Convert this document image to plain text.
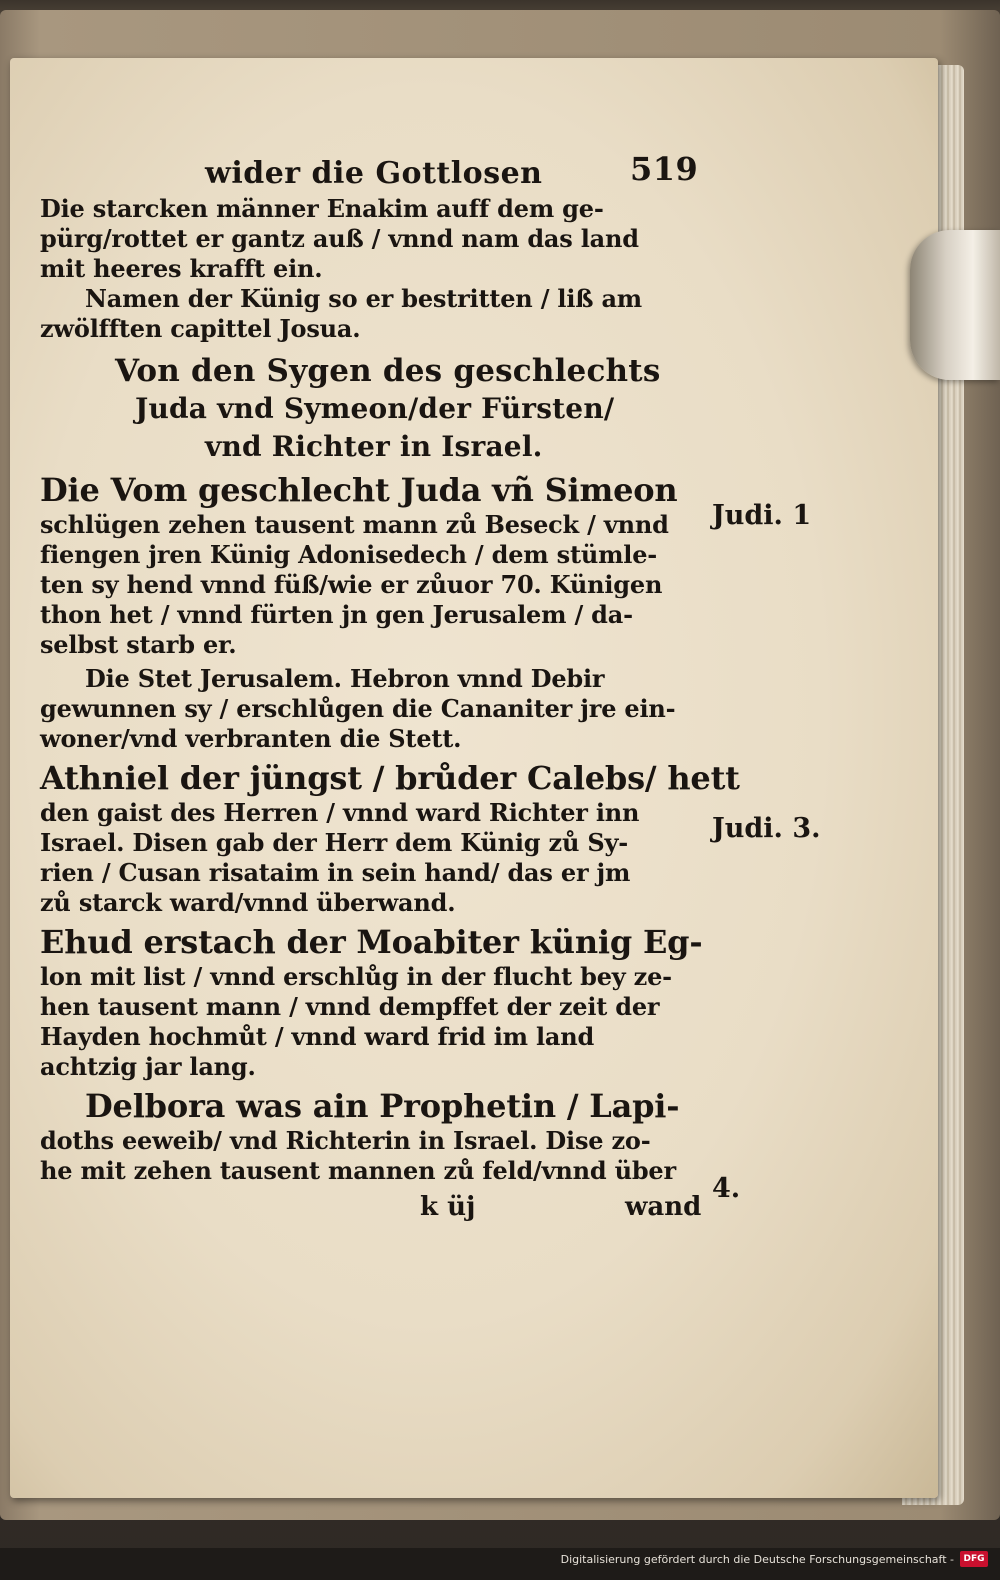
wider die Gottlosen	519
Die starcken männer Enakim auff dem ge-
pürg/rottet er gantz auß / vnnd nam das land
mit heeres krafft ein.
Namen der Künig so er bestritten / liß am
zwölfften capittel Josua.
Von den Sygen des geschlechts
Juda vnd Symeon/der Fürsten/
vnd Richter in Israel.
Die Vom geschlecht Juda vñ Simeon
schlügen zehen tausent mann zů Beseck / vnnd
fiengen jren Künig Adonisedech / dem stümle-
ten sy hend vnnd füß/wie er zůuor 70. Künigen
thon het / vnnd fürten jn gen Jerusalem / da-
selbst starb er.
Die Stet Jerusalem. Hebron vnnd Debir
gewunnen sy / erschlůgen die Cananiter jre ein-
woner/vnd verbranten die Stett.
Athniel der jüngst / brůder Calebs/ hett
den gaist des Herren / vnnd ward Richter inn
Israel. Disen gab der Herr dem Künig zů Sy-
rien / Cusan risataim in sein hand/ das er jm
zů starck ward/vnnd überwand.
Ehud erstach der Moabiter künig Eg-
lon mit list / vnnd erschlůg in der flucht bey ze-
hen tausent mann / vnnd dempffet der zeit der
Hayden hochmůt / vnnd ward frid im land
achtzig jar lang.
Delbora was ain Prophetin / Lapi-
doths eeweib/ vnd Richterin in Israel. Dise zo-
he mit zehen tausent mannen zů feld/vnnd über
k üj	wand
Judi. 1
Judi. 3.
4.
Digitalisierung gefördert durch die Deutsche Forschungsgemeinschaft -	DFG
